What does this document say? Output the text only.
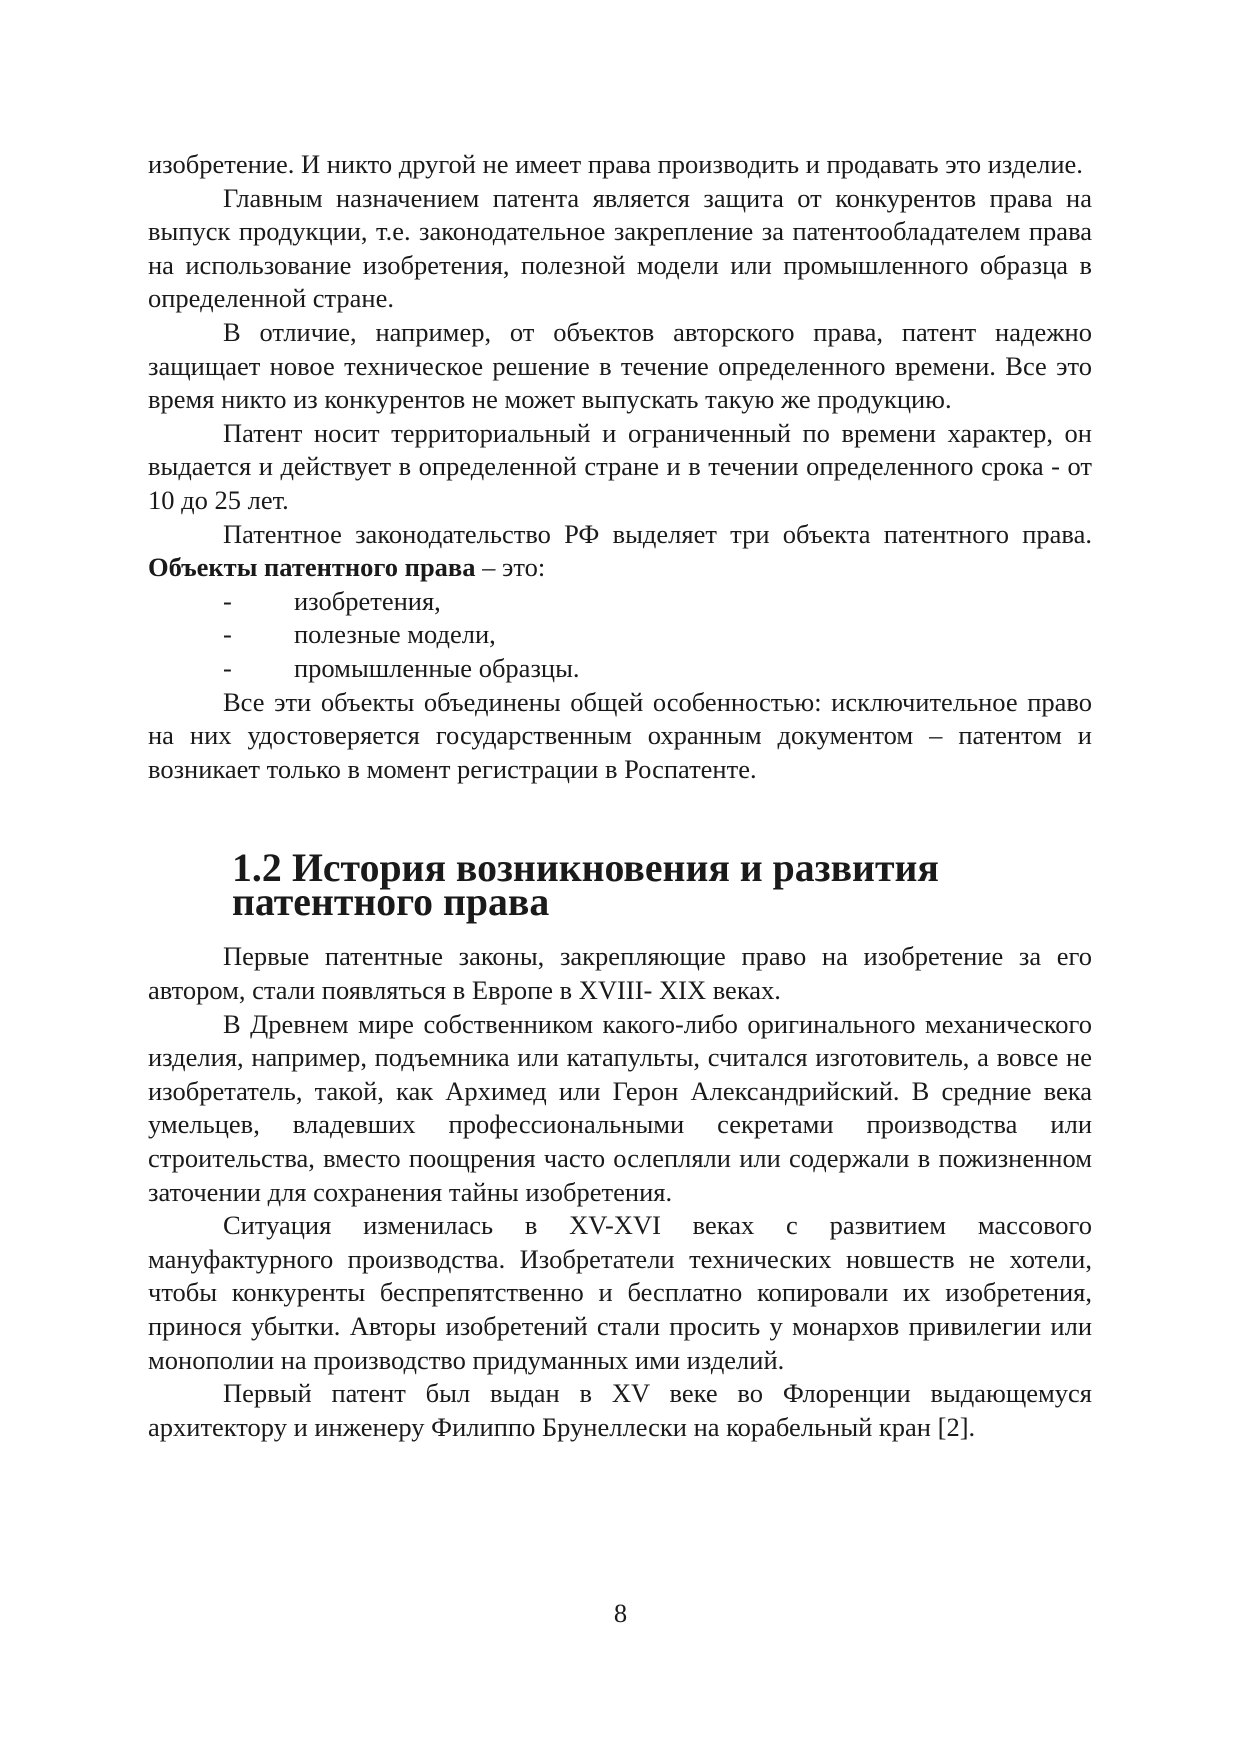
изобретение. И никто другой не имеет права производить и продавать это изделие.

Главным назначением патента является защита от конкурентов права на выпуск продукции, т.е. законодательное закрепление за патентообладателем права на использование изобретения, полезной модели или промышленного образца в определенной стране.

В отличие, например, от объектов авторского права, патент надежно защищает новое техническое решение в течение определенного времени. Все это время никто из конкурентов не может выпускать такую же продукцию.

Патент носит территориальный и ограниченный по времени характер, он выдается и действует в определенной стране и в течении определенного срока - от 10 до 25 лет.

Патентное законодательство РФ выделяет три объекта патентного права. Объекты патентного права – это:

- изобретения,

- полезные модели,

- промышленные образцы.

Все эти объекты объединены общей особенностью: исключительное право на них удостоверяется государственным охранным документом – патентом и возникает только в момент регистрации в Роспатенте.

1.2 История возникновения и развития патентного права

Первые патентные законы, закрепляющие право на изобретение за его автором, стали появляться в Европе в XVIII- XIX веках.

В Древнем мире собственником какого-либо оригинального механического изделия, например, подъемника или катапульты, считался изготовитель, а вовсе не изобретатель, такой, как Архимед или Герон Александрийский. В средние века умельцев, владевших профессиональными секретами производства или строительства, вместо поощрения часто ослепляли или содержали в пожизненном заточении для сохранения тайны изобретения.

Ситуация изменилась в XV-XVI веках с развитием массового мануфактурного производства. Изобретатели технических новшеств не хотели, чтобы конкуренты беспрепятственно и бесплатно копировали их изобретения, принося убытки. Авторы изобретений стали просить у монархов привилегии или монополии на производство придуманных ими изделий.

Первый патент был выдан в XV веке во Флоренции выдающемуся архитектору и инженеру Филиппо Брунеллески на корабельный кран [2].

8
